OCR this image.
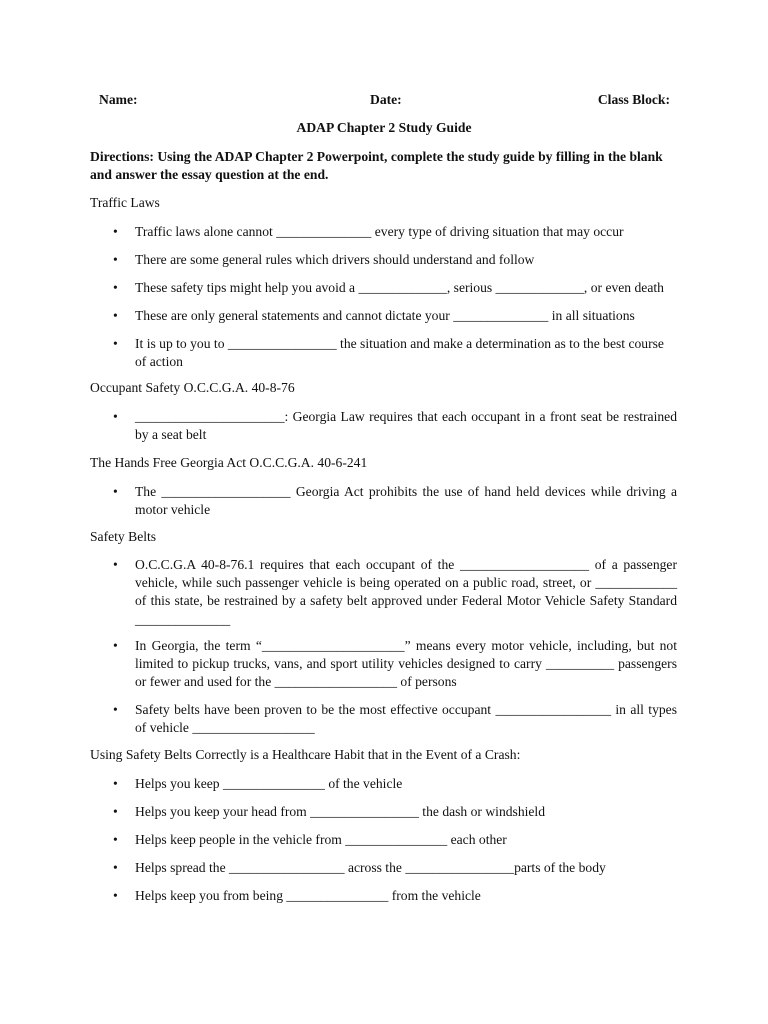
Name:	Date:	Class Block:
ADAP Chapter 2 Study Guide
Directions: Using the ADAP Chapter 2 Powerpoint, complete the study guide by filling in the blank and answer the essay question at the end.
Traffic Laws
• Traffic laws alone cannot ______________ every type of driving situation that may occur
• There are some general rules which drivers should understand and follow
• These safety tips might help you avoid a _____________, serious _____________, or even death
• These are only general statements and cannot dictate your ______________ in all situations
• It is up to you to ________________ the situation and make a determination as to the best course of action
Occupant Safety O.C.C.G.A. 40-8-76
• ______________________: Georgia Law requires that each occupant in a front seat be restrained by a seat belt
The Hands Free Georgia Act O.C.C.G.A. 40-6-241
• The ___________________ Georgia Act prohibits the use of hand held devices while driving a motor vehicle
Safety Belts
• O.C.C.G.A 40-8-76.1 requires that each occupant of the ___________________ of a passenger vehicle, while such passenger vehicle is being operated on a public road, street, or ____________ of this state, be restrained by a safety belt approved under Federal Motor Vehicle Safety Standard ______________
• In Georgia, the term “_____________________” means every motor vehicle, including, but not limited to pickup trucks, vans, and sport utility vehicles designed to carry __________ passengers or fewer and used for the __________________ of persons
• Safety belts have been proven to be the most effective occupant _________________ in all types of vehicle __________________
Using Safety Belts Correctly is a Healthcare Habit that in the Event of a Crash:
• Helps you keep _______________ of the vehicle
• Helps you keep your head from ________________ the dash or windshield
• Helps keep people in the vehicle from _______________ each other
• Helps spread the _________________ across the ________________parts of the body
• Helps keep you from being _______________ from the vehicle
